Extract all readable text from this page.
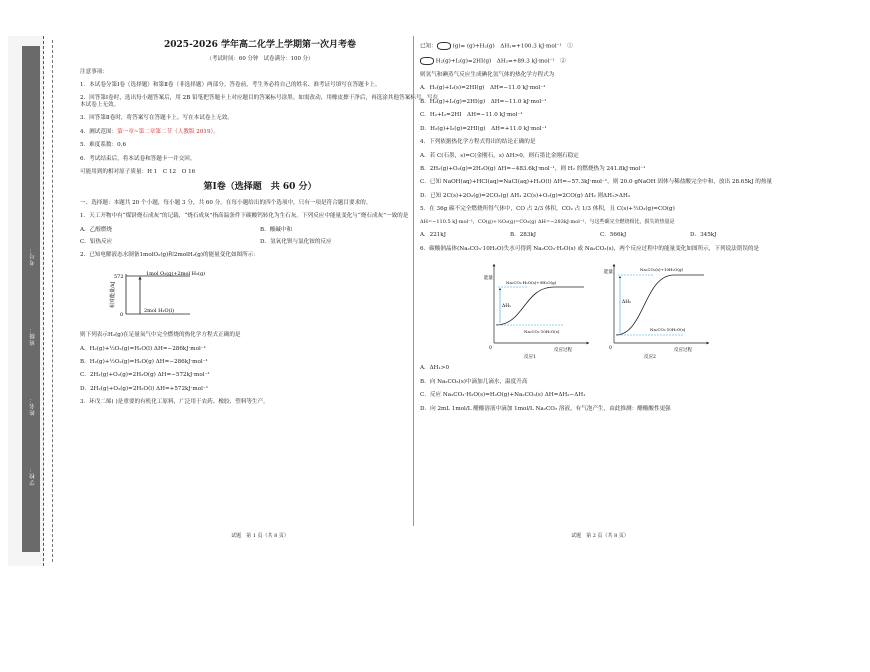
学校：
姓名：
班级：
考号：
2025-2026 学年高二化学上学期第一次月考卷
（考试时间：60 分钟　试卷满分：100 分）
注意事项：
1．本试卷分第Ⅰ卷（选择题）和第Ⅱ卷（非选择题）两部分。答卷前，考生务必将自己的姓名、准考证号填写在答题卡上。
2．回答第Ⅰ卷时，选出每小题答案后，用 2B 铅笔把答题卡上对应题目的答案标号涂黑。如需改动，用橡皮擦干净后，再选涂其他答案标号。写在本试卷上无效。
3．回答第Ⅱ卷时，将答案写在答题卡上。写在本试卷上无效。
4．测试范围：第一章~第二章第二节（人教版 2019）。
5．难度系数：0.6
6．考试结束后，将本试卷和答题卡一并交回。
可能用到的相对原子质量：H 1　C 12　O 16
第Ⅰ卷（选择题　共 60 分）
一、选择题：本题共 20 个小题，每小题 3 分，共 60 分。在每小题给出的四个选项中，只有一项是符合题目要求的。
1．天工开物中有“煤饼烧石成灰”的记载，“烧石成灰”指高温条件下碳酸钙转化为生石灰。下列反应中能量变化与“烧石成灰”一致的是
A．乙醇燃烧	B．酸碱中和
C．铝热反应	D．氢氧化钡与氯化铵的反应
2．已知电解液态水制备1molO₂(g)和2molH₂(g)的能量变化如图所示：
相对能量/kJ
572
0
1mol O₂(g)+2mol H₂(g)
2mol H₂O(l)
则下列表示H₂(g)在足量氧气中完全燃烧的热化学方程式正确的是
A．H₂(g)+½O₂(g)=H₂O(l) ΔH=−286kJ·mol⁻¹
B．H₂(g)+½O₂(g)=H₂O(g) ΔH=−286kJ·mol⁻¹
C．2H₂(g)+O₂(g)=2H₂O(g) ΔH=−572kJ·mol⁻¹
D．2H₂(g)+O₂(g)=2H₂O(l) ΔH=+572kJ·mol⁻¹
3．环戊二烯( )是重要的有机化工原料，广泛用于农药、橡胶、塑料等生产。
试题　第 1 页（共 8 页）
已知：	(g)= (g)+H₂(g)　ΔH₁=+100.3 kJ·mol⁻¹　①
H₂(g)+I₂(g)=2HI(g)　ΔH₂=+89.3 kJ·mol⁻¹　②
则氢气和碘蒸气反应生成碘化氢气体的热化学方程式为
A．H₂(g)+I₂(s)=2HI(g)　ΔH=−11.0 kJ·mol⁻¹
B．H₂(g)+I₂(g)=2HI(g)　ΔH=−11.0 kJ·mol⁻¹
C．H₂+I₂=2HI　ΔH=−11.0 kJ·mol⁻¹
D．H₂(g)+I₂(g)=2HI(g)　ΔH=+11.0 kJ·mol⁻¹
4．下列依据热化学方程式得出的结论正确的是
A．若 C(石墨，s)=C(金刚石，s) ΔH>0，则石墨比金刚石稳定
B．2H₂(g)+O₂(g)=2H₂O(g) ΔH=−483.6kJ·mol⁻¹，则 H₂ 的燃烧热为 241.8kJ·mol⁻¹
C．已知 NaOH(aq)+HCl(aq)=NaCl(aq)+H₂O(l) ΔH=−57.3kJ·mol⁻¹，则 20.0 gNaOH 固体与稀盐酸完全中和，放出 28.65kJ 的热量
D．已知 2C(s)+2O₂(g)=2CO₂(g) ΔH₁ 2C(s)+O₂(g)=2CO(g) ΔH₂ 则ΔH₁>ΔH₂
5．在 36g 碳不完全燃烧所得气体中，CO 占 2/3 体积，CO₂ 占 1/3 体积，且 C(s)+½O₂(g)=CO(g)
ΔH=−110.5 kJ·mol⁻¹，CO(g)+½O₂(g)=CO₂(g) ΔH=−283kJ·mol⁻¹，与这些碳完全燃烧相比，损失的热量是
A．221kJ	B．283kJ	C．566kJ	D．345kJ
6．碳酸钠晶体(Na₂CO₃·10H₂O)失水可得到 Na₂CO₃·H₂O(s) 或 Na₂CO₃(s)，两个反应过程中的能量变化如图所示，下列说法错误的是
能量
0
ΔH₁
Na₂CO₃·H₂O(s)+9H₂O(g)
Na₂CO₃·10H₂O(s)
反应过程
反应1
能量
0
ΔH₂
Na₂CO₃(s)+10H₂O(g)
Na₂CO₃·10H₂O(s)
反应过程
反应2
A．ΔH₁>0
B．向 Na₂CO₃(s)中滴加几滴水，温度升高
C．反应 Na₂CO₃·H₂O(s)=H₂O(g)+Na₂CO₃(s) ΔH=ΔH₂−ΔH₁
D．向 2mL 1mol/L 醋酸溶液中滴加 1mol/L Na₂CO₃ 溶液，有气泡产生，由此推测：醋酸酸性更强
试题　第 2 页（共 8 页）
